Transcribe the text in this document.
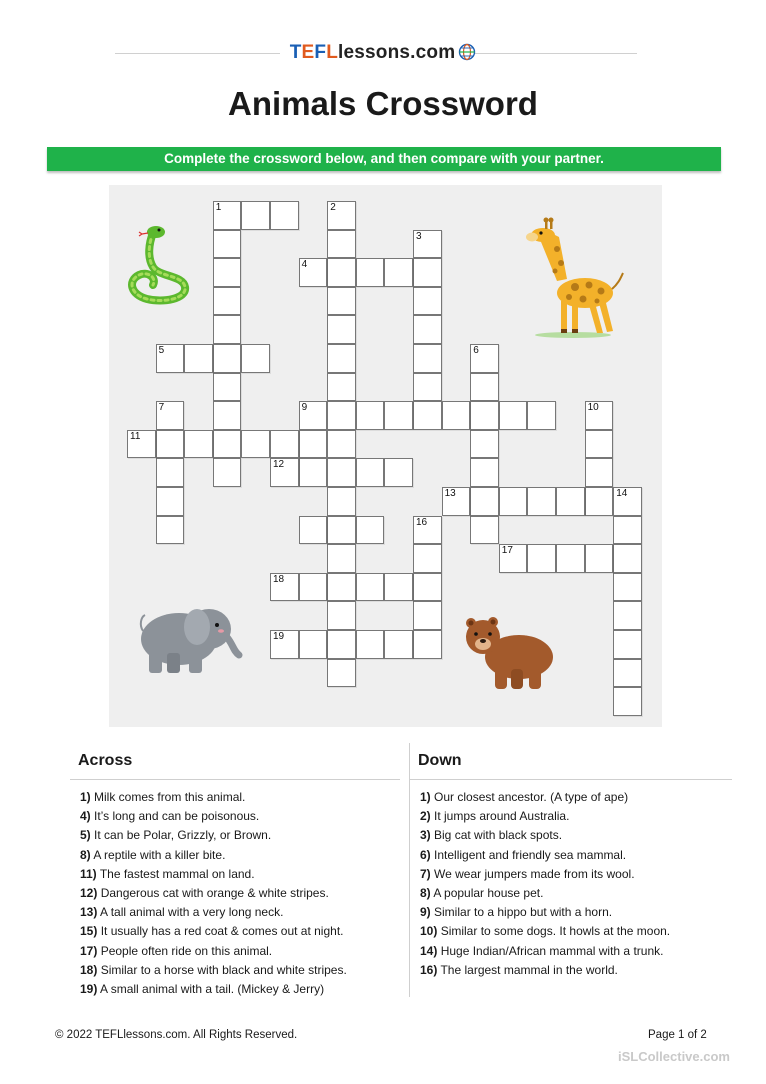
TEFLlessons.com
Animals Crossword
Complete the crossword below, and then compare with your partner.
1	2
3
4
5	6
7	9	10
11
12
13	14
16
17
18
19
Across
1) Milk comes from this animal.
4) It’s long and can be poisonous.
5) It can be Polar, Grizzly, or Brown.
8) A reptile with a killer bite.
11) The fastest mammal on land.
12) Dangerous cat with orange & white stripes.
13) A tall animal with a very long neck.
15) It usually has a red coat & comes out at night.
17) People often ride on this animal.
18) Similar to a horse with black and white stripes.
19) A small animal with a tail. (Mickey & Jerry)
Down
1) Our closest ancestor. (A type of ape)
2) It jumps around Australia.
3) Big cat with black spots.
6) Intelligent and friendly sea mammal.
7) We wear jumpers made from its wool.
8) A popular house pet.
9) Similar to a hippo but with a horn.
10) Similar to some dogs. It howls at the moon.
14) Huge Indian/African mammal with a trunk.
16) The largest mammal in the world.
© 2022 TEFLlessons.com. All Rights Reserved.	Page 1 of 2
iSLCollective.com
